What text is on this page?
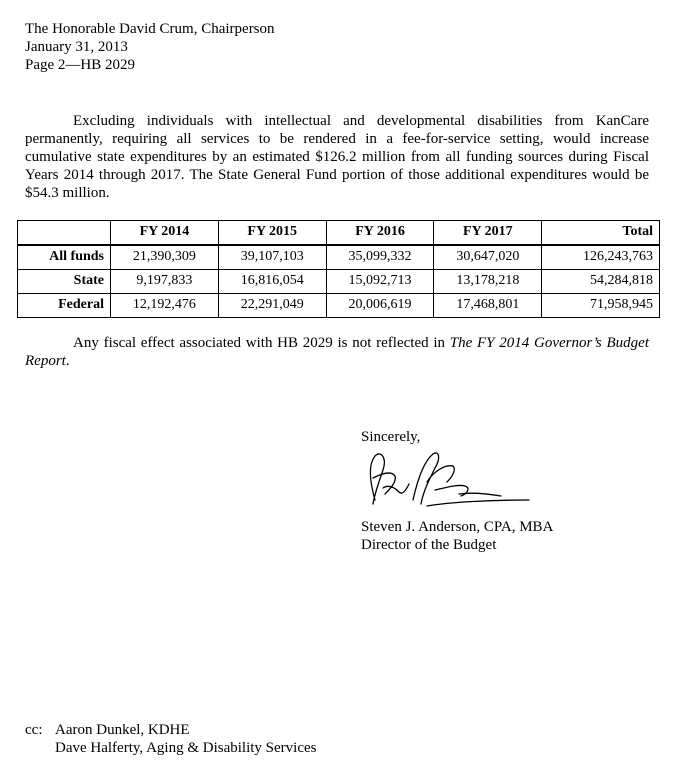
The Honorable David Crum, Chairperson
January 31, 2013
Page 2—HB 2029
Excluding individuals with intellectual and developmental disabilities from KanCare permanently, requiring all services to be rendered in a fee-for-service setting, would increase cumulative state expenditures by an estimated $126.2 million from all funding sources during Fiscal Years 2014 through 2017. The State General Fund portion of those additional expenditures would be $54.3 million.
	FY 2014	FY 2015	FY 2016	FY 2017	Total
All funds	21,390,309	39,107,103	35,099,332	30,647,020	126,243,763
State	9,197,833	16,816,054	15,092,713	13,178,218	54,284,818
Federal	12,192,476	22,291,049	20,006,619	17,468,801	71,958,945
Any fiscal effect associated with HB 2029 is not reflected in The FY 2014 Governor’s Budget Report.
Sincerely,
Steven J. Anderson, CPA, MBA
Director of the Budget
cc: Aaron Dunkel, KDHE
Dave Halferty, Aging & Disability Services
